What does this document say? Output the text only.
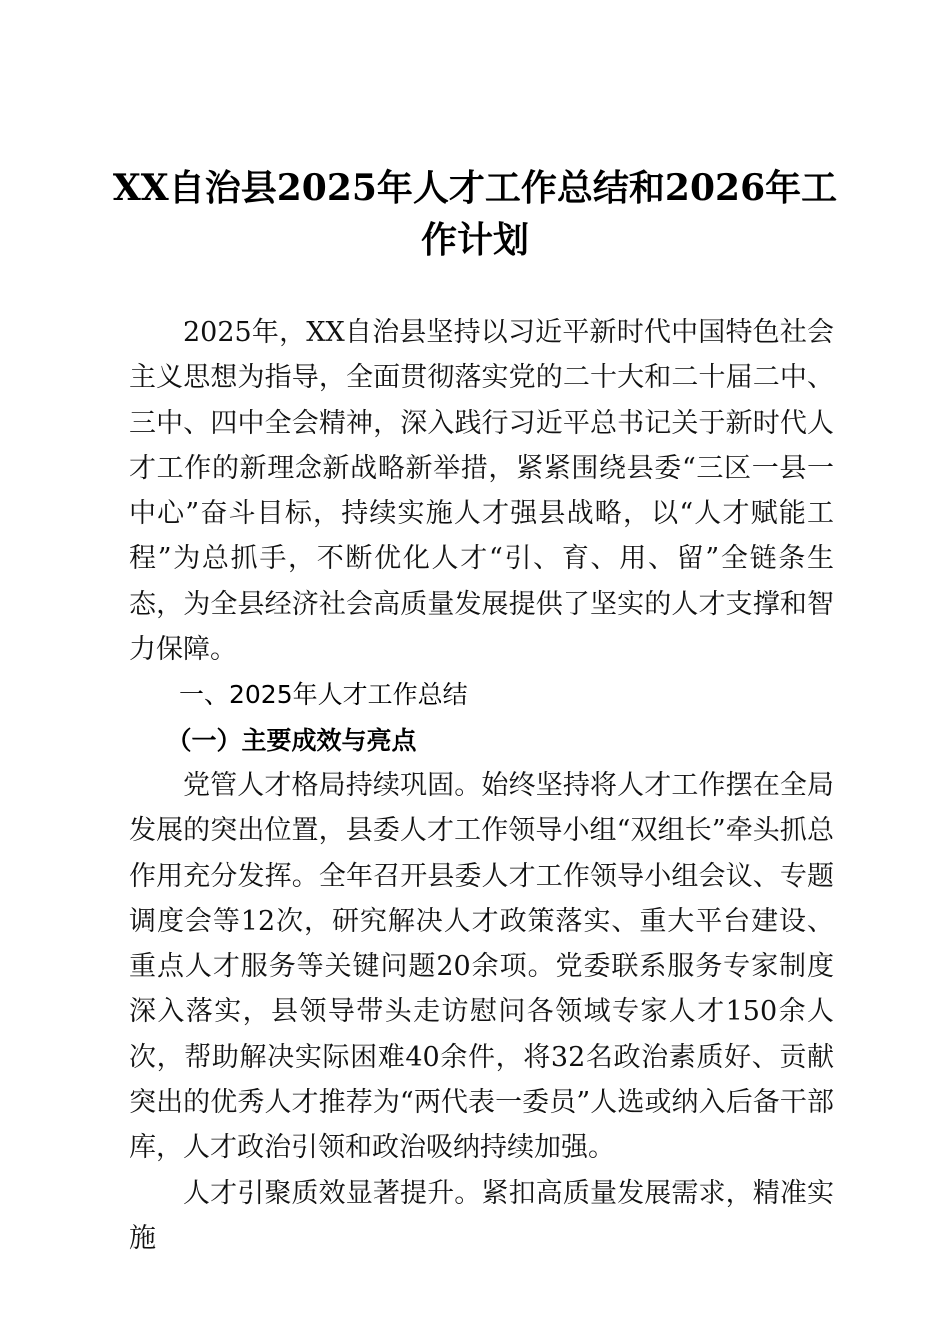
XX自治县2025年人才工作总结和2026年工作计划

2025年，XX自治县坚持以习近平新时代中国特色社会主义思想为指导，全面贯彻落实党的二十大和二十届二中、三中、四中全会精神，深入践行习近平总书记关于新时代人才工作的新理念新战略新举措，紧紧围绕县委“三区一县一中心”奋斗目标，持续实施人才强县战略，以“人才赋能工程”为总抓手，不断优化人才“引、育、用、留”全链条生态，为全县经济社会高质量发展提供了坚实的人才支撑和智力保障。

一、2025年人才工作总结

（一）主要成效与亮点

党管人才格局持续巩固。始终坚持将人才工作摆在全局发展的突出位置，县委人才工作领导小组“双组长”牵头抓总作用充分发挥。全年召开县委人才工作领导小组会议、专题调度会等12次，研究解决人才政策落实、重大平台建设、重点人才服务等关键问题20余项。党委联系服务专家制度深入落实，县领导带头走访慰问各领域专家人才150余人次，帮助解决实际困难40余件，将32名政治素质好、贡献突出的优秀人才推荐为“两代表一委员”人选或纳入后备干部库，人才政治引领和政治吸纳持续加强。

人才引聚质效显著提升。紧扣高质量发展需求，精准实施
